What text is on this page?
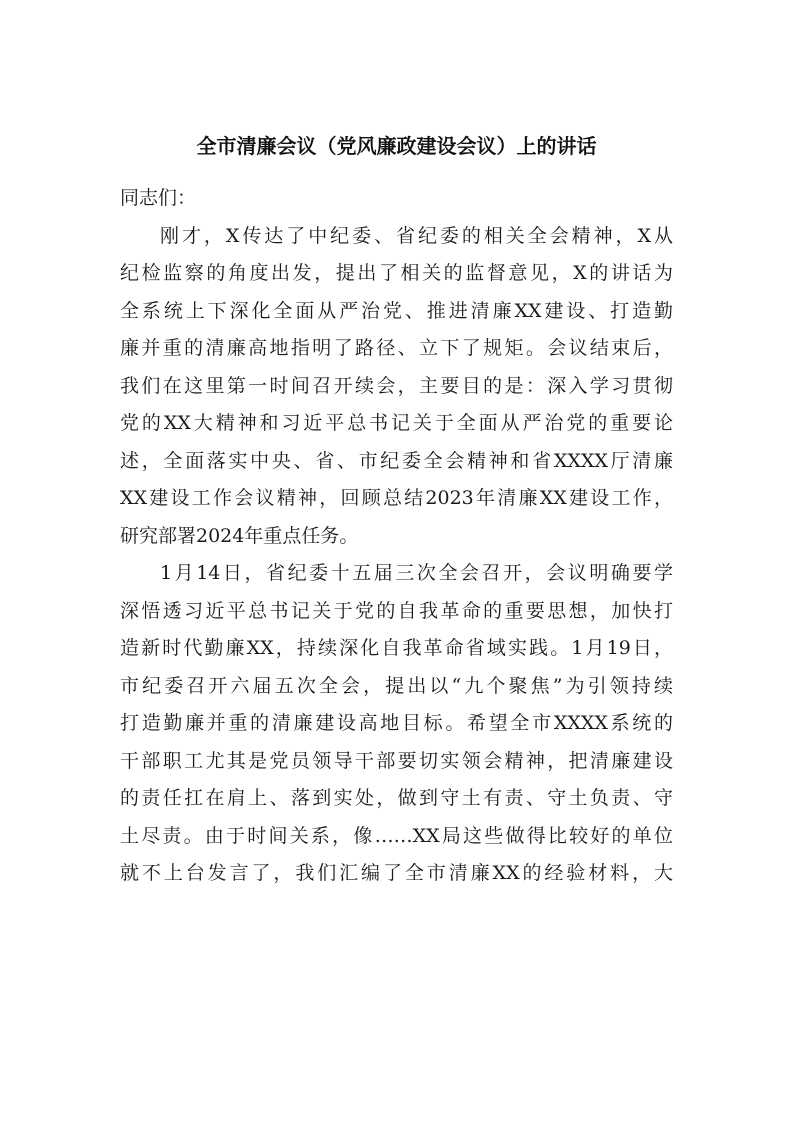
全市清廉会议（党风廉政建设会议）上的讲话
同志们：
刚才，X传达了中纪委、省纪委的相关全会精神，X从
纪检监察的角度出发，提出了相关的监督意见，X的讲话为
全系统上下深化全面从严治党、推进清廉XX建设、打造勤
廉并重的清廉高地指明了路径、立下了规矩。会议结束后，
我们在这里第一时间召开续会，主要目的是：深入学习贯彻
党的XX大精神和习近平总书记关于全面从严治党的重要论
述，全面落实中央、省、市纪委全会精神和省XXXX厅清廉
XX建设工作会议精神，回顾总结2023年清廉XX建设工作，
研究部署2024年重点任务。
1月14日，省纪委十五届三次全会召开，会议明确要学
深悟透习近平总书记关于党的自我革命的重要思想，加快打
造新时代勤廉XX，持续深化自我革命省域实践。1月19日，
市纪委召开六届五次全会，提出以“九个聚焦”为引领持续
打造勤廉并重的清廉建设高地目标。希望全市XXXX系统的
干部职工尤其是党员领导干部要切实领会精神，把清廉建设
的责任扛在肩上、落到实处，做到守土有责、守土负责、守
土尽责。由于时间关系，像……XX局这些做得比较好的单位
就不上台发言了，我们汇编了全市清廉XX的经验材料，大
